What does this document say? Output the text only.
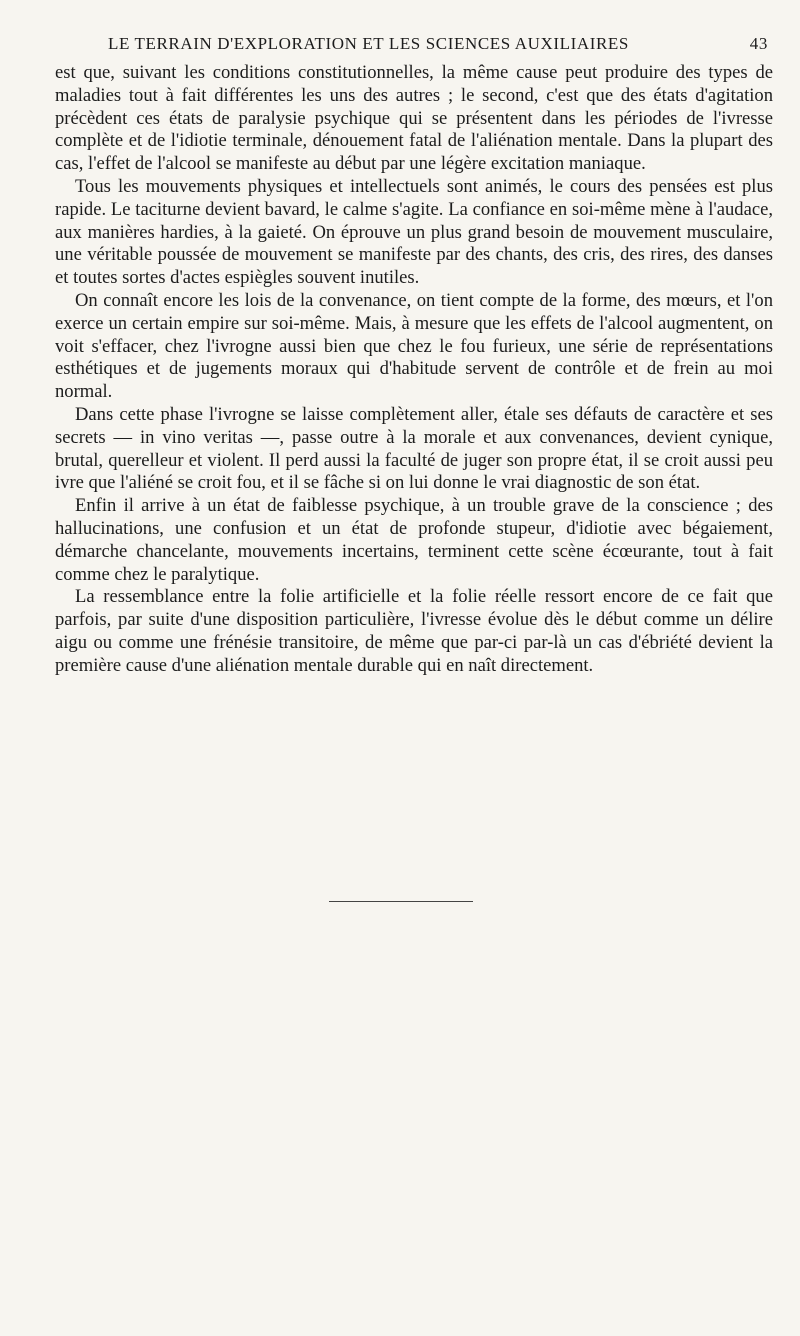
LE TERRAIN D'EXPLORATION ET LES SCIENCES AUXILIAIRES	43

est que, suivant les conditions constitutionnelles, la même cause peut produire des types de maladies tout à fait différentes les uns des autres ; le second, c'est que des états d'agitation précèdent ces états de paralysie psychique qui se présentent dans les périodes de l'ivresse complète et de l'idiotie terminale, dénouement fatal de l'aliénation mentale. Dans la plupart des cas, l'effet de l'alcool se manifeste au début par une légère excitation maniaque.

Tous les mouvements physiques et intellectuels sont animés, le cours des pensées est plus rapide. Le taciturne devient bavard, le calme s'agite. La confiance en soi-même mène à l'audace, aux manières hardies, à la gaieté. On éprouve un plus grand besoin de mouvement musculaire, une véritable poussée de mouvement se manifeste par des chants, des cris, des rires, des danses et toutes sortes d'actes espiègles souvent inutiles.

On connaît encore les lois de la convenance, on tient compte de la forme, des mœurs, et l'on exerce un certain empire sur soi-même. Mais, à mesure que les effets de l'alcool augmentent, on voit s'effacer, chez l'ivrogne aussi bien que chez le fou furieux, une série de représentations esthétiques et de jugements moraux qui d'habitude servent de contrôle et de frein au moi normal.

Dans cette phase l'ivrogne se laisse complètement aller, étale ses défauts de caractère et ses secrets — in vino veritas —, passe outre à la morale et aux convenances, devient cynique, brutal, querelleur et violent. Il perd aussi la faculté de juger son propre état, il se croit aussi peu ivre que l'aliéné se croit fou, et il se fâche si on lui donne le vrai diagnostic de son état.

Enfin il arrive à un état de faiblesse psychique, à un trouble grave de la conscience ; des hallucinations, une confusion et un état de profonde stupeur, d'idiotie avec bégaiement, démarche chancelante, mouvements incertains, terminent cette scène écœurante, tout à fait comme chez le paralytique.

La ressemblance entre la folie artificielle et la folie réelle ressort encore de ce fait que parfois, par suite d'une disposition particulière, l'ivresse évolue dès le début comme un délire aigu ou comme une frénésie transitoire, de même que par-ci par-là un cas d'ébriété devient la première cause d'une aliénation mentale durable qui en naît directement.
